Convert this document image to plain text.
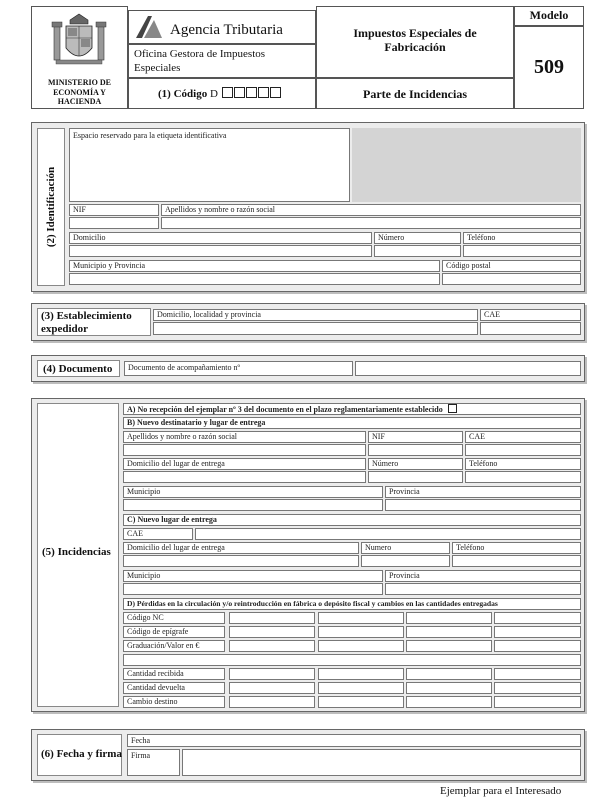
MINISTERIO DE ECONOMÍA Y HACIENDA
Agencia Tributaria
Oficina Gestora de Impuestos Especiales
(1) Código D
Impuestos Especiales de Fabricación
Parte de Incidencias
Modelo
509
(2) Identificación
Espacio reservado para la etiqueta identificativa
NIF	Apellidos y nombre o razón social
Domicilio	Número	Teléfono
Municipio y Provincia	Código postal
(3) Establecimiento
expedidor
Domicilio, localidad y provincia	CAE
(4) Documento Documento de acompañamiento nº
(5) Incidencias
A) No recepción del ejemplar nº 3 del documento en el plazo reglamentariamente establecido
B) Nuevo destinatario y lugar de entrega
Apellidos y nombre o razón social	NIF	CAE
Domicilio del lugar de entrega	Número	Teléfono
Municipio	Provincia
C) Nuevo lugar de entrega
CAE
Domicilio del lugar de entrega	Numero	Teléfono
Municipio	Provincia
D) Pérdidas en la circulación y/o reintroducción en fábrica o depósito fiscal y cambios en las cantidades entregadas
Código NC
Código de epígrafe
Graduación/Valor en €
Cantidad recibida
Cantidad devuelta
Cambio destino
(6) Fecha y firma
Fecha
Firma
Ejemplar para el Interesado
